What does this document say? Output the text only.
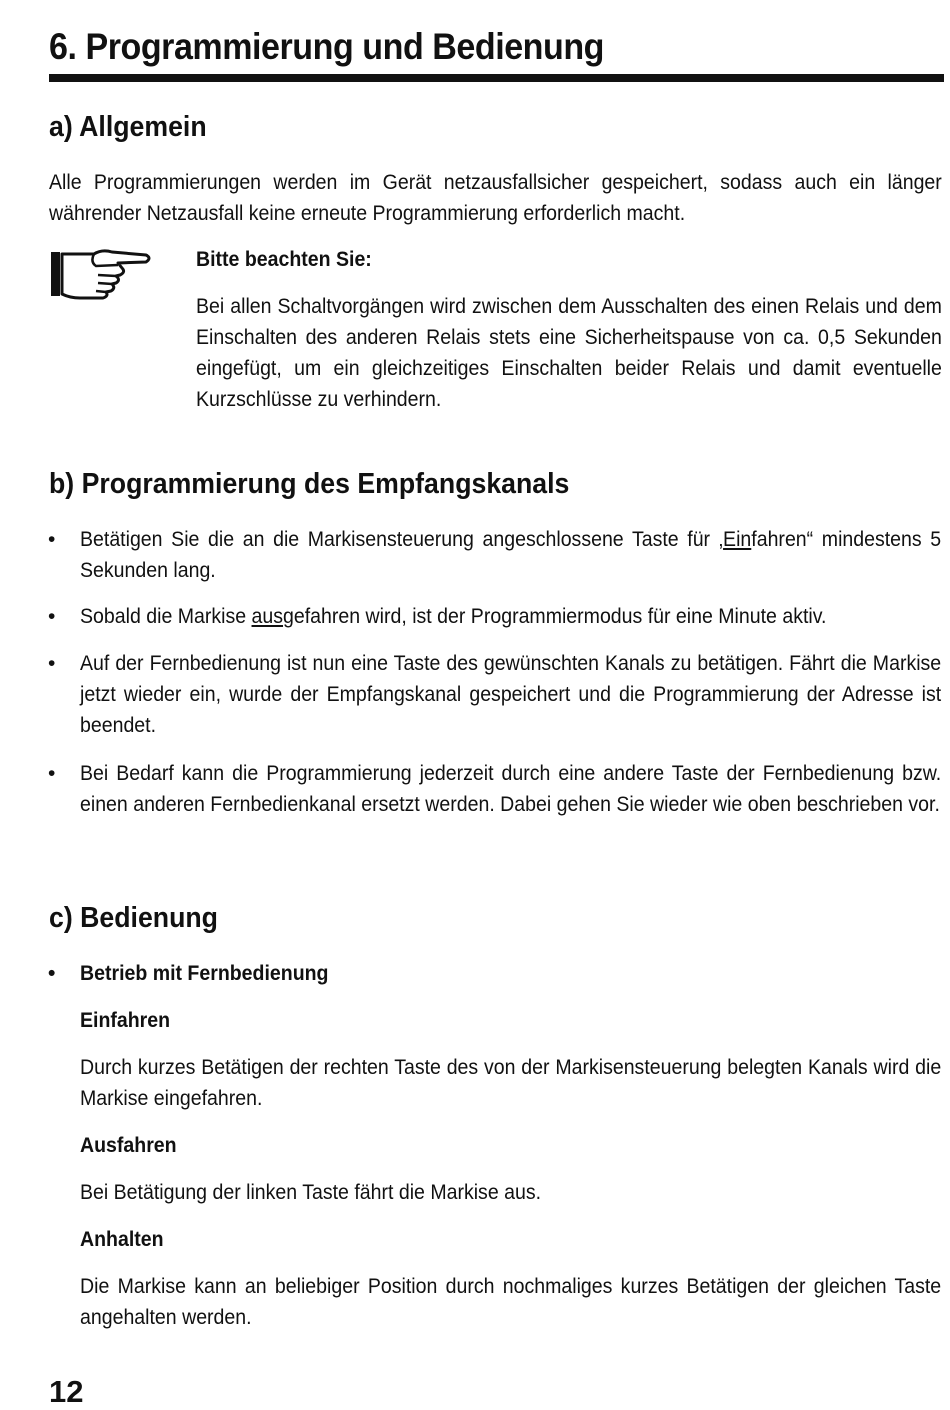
6. Programmierung und Bedienung
a) Allgemein
Alle Programmierungen werden im Gerät netzausfallsicher gespeichert, sodass auch ein länger währender Netzausfall keine erneute Programmierung erforderlich macht.
Bitte beachten Sie:
Bei allen Schaltvorgängen wird zwischen dem Ausschalten des einen Relais und dem Einschalten des anderen Relais stets eine Sicherheitspause von ca. 0,5 Sekunden eingefügt, um ein gleichzeitiges Einschalten beider Relais und damit eventuelle Kurzschlüsse zu verhindern.
b) Programmierung des Empfangskanals
• Betätigen Sie die an die Markisensteuerung angeschlossene Taste für ‚Einfahren“ mindestens 5 Sekunden lang.
• Sobald die Markise ausgefahren wird, ist der Programmiermodus für eine Minute aktiv.
• Auf der Fernbedienung ist nun eine Taste des gewünschten Kanals zu betätigen. Fährt die Markise jetzt wieder ein, wurde der Empfangskanal gespeichert und die Programmierung der Adresse ist beendet.
• Bei Bedarf kann die Programmierung jederzeit durch eine andere Taste der Fernbedienung bzw. einen anderen Fernbedienkanal ersetzt werden. Dabei gehen Sie wieder wie oben beschrieben vor.
c) Bedienung
• Betrieb mit Fernbedienung
Einfahren
Durch kurzes Betätigen der rechten Taste des von der Markisensteuerung belegten Kanals wird die Markise eingefahren.
Ausfahren
Bei Betätigung der linken Taste fährt die Markise aus.
Anhalten
Die Markise kann an beliebiger Position durch nochmaliges kurzes Betätigen der gleichen Taste angehalten werden.
12
